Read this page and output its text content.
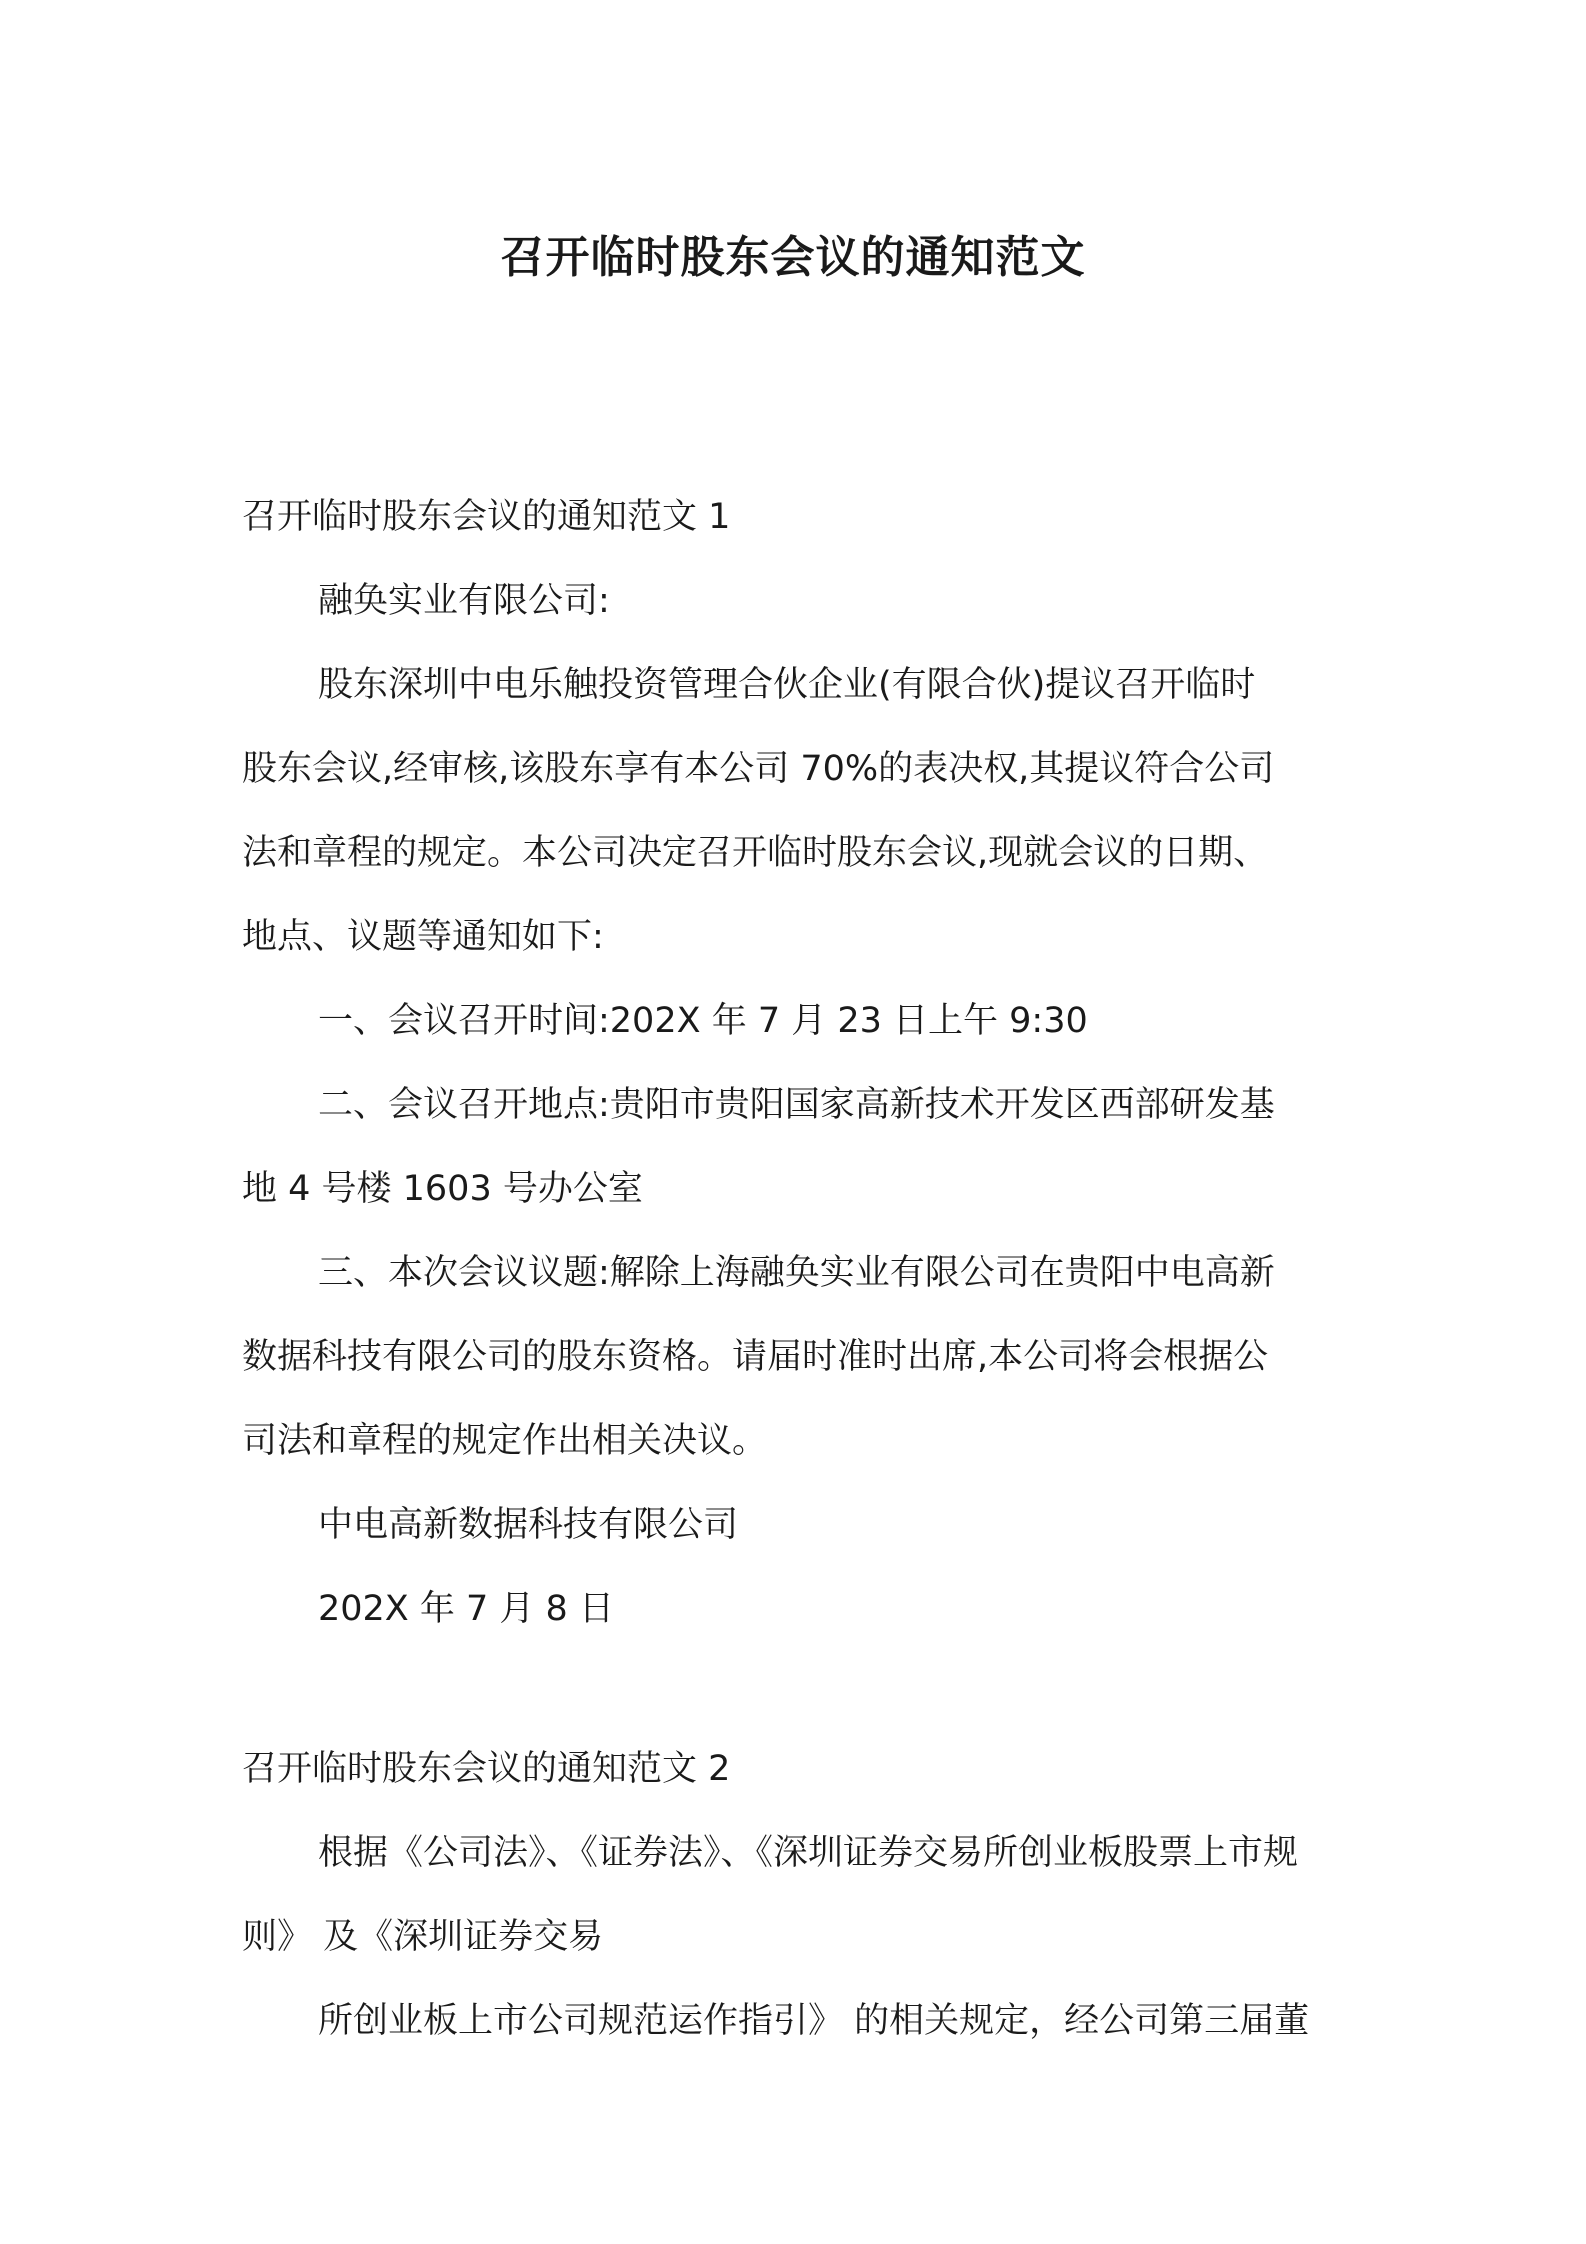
召开临时股东会议的通知范文
召开临时股东会议的通知范文 1
融奂实业有限公司:
股东深圳中电乐触投资管理合伙企业(有限合伙)提议召开临时
股东会议,经审核,该股东享有本公司 70%的表决权,其提议符合公司
法和章程的规定。本公司决定召开临时股东会议,现就会议的日期、
地点、议题等通知如下:
一、会议召开时间:202X 年 7 月 23 日上午 9:30
二、会议召开地点:贵阳市贵阳国家高新技术开发区西部研发基
地 4 号楼 1603 号办公室
三、本次会议议题:解除上海融奂实业有限公司在贵阳中电高新
数据科技有限公司的股东资格。请届时准时出席,本公司将会根据公
司法和章程的规定作出相关决议。
中电高新数据科技有限公司
202X 年 7 月 8 日
召开临时股东会议的通知范文 2
根据《公司法》、《证券法》、《深圳证券交易所创业板股票上市规
则》 及《深圳证券交易
所创业板上市公司规范运作指引》 的相关规定，经公司第三届董
